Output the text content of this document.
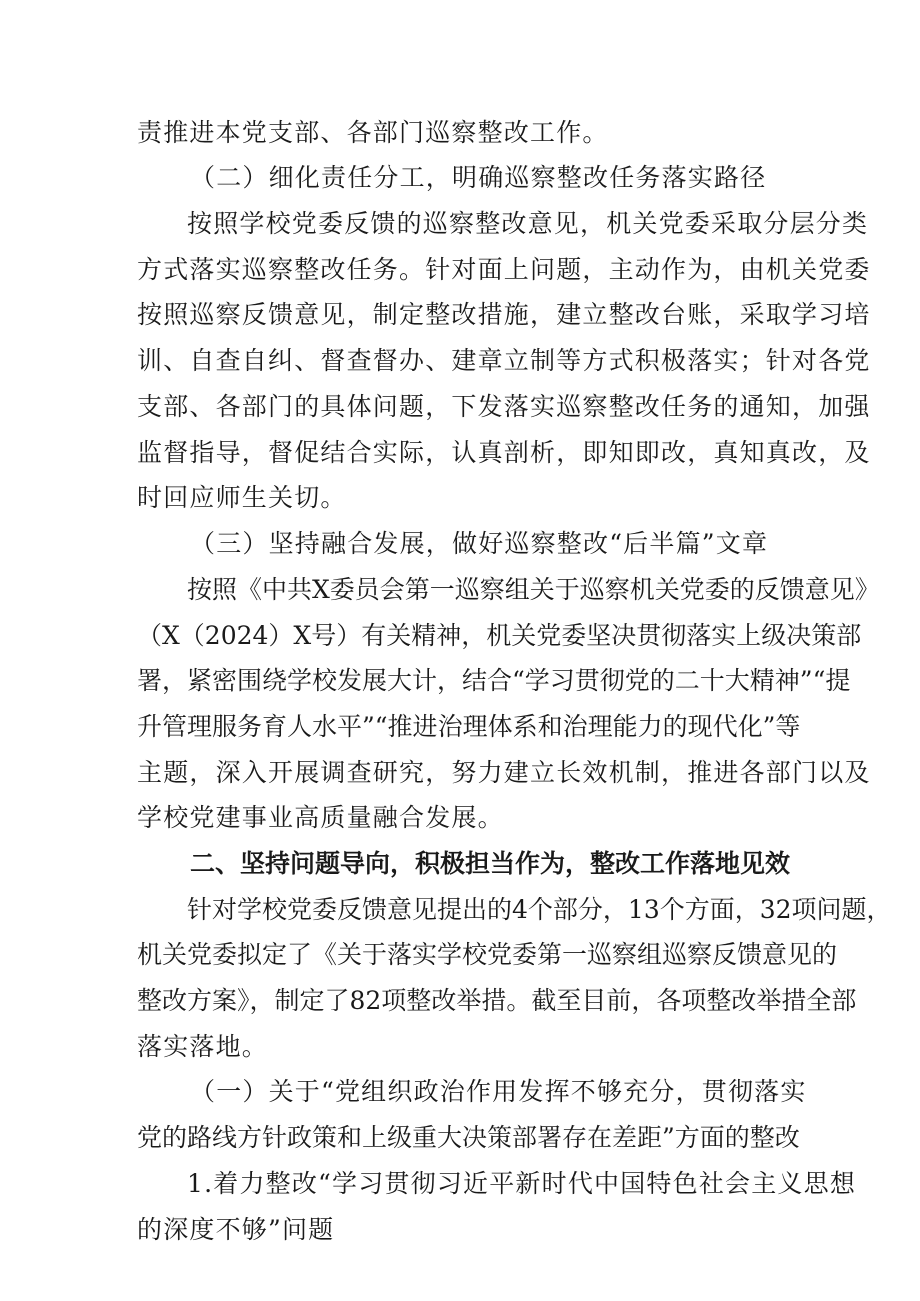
责推进本党支部、各部门巡察整改工作。
（二）细化责任分工，明确巡察整改任务落实路径
按照学校党委反馈的巡察整改意见，机关党委采取分层分类
方式落实巡察整改任务。针对面上问题，主动作为，由机关党委
按照巡察反馈意见，制定整改措施，建立整改台账，采取学习培
训、自查自纠、督查督办、建章立制等方式积极落实；针对各党
支部、各部门的具体问题，下发落实巡察整改任务的通知，加强
监督指导，督促结合实际，认真剖析，即知即改，真知真改，及
时回应师生关切。
（三）坚持融合发展，做好巡察整改“后半篇”文章
按照《中共X委员会第一巡察组关于巡察机关党委的反馈意见》
（X（2024）X号）有关精神，机关党委坚决贯彻落实上级决策部
署，紧密围绕学校发展大计，结合“学习贯彻党的二十大精神”“提
升管理服务育人水平”“推进治理体系和治理能力的现代化”等
主题，深入开展调查研究，努力建立长效机制，推进各部门以及
学校党建事业高质量融合发展。
二、坚持问题导向，积极担当作为，整改工作落地见效
针对学校党委反馈意见提出的4个部分，13个方面，32项问题，
机关党委拟定了《关于落实学校党委第一巡察组巡察反馈意见的
整改方案》，制定了82项整改举措。截至目前，各项整改举措全部
落实落地。
（一）关于“党组织政治作用发挥不够充分，贯彻落实
党的路线方针政策和上级重大决策部署存在差距”方面的整改
1.着力整改“学习贯彻习近平新时代中国特色社会主义思想
的深度不够”问题
